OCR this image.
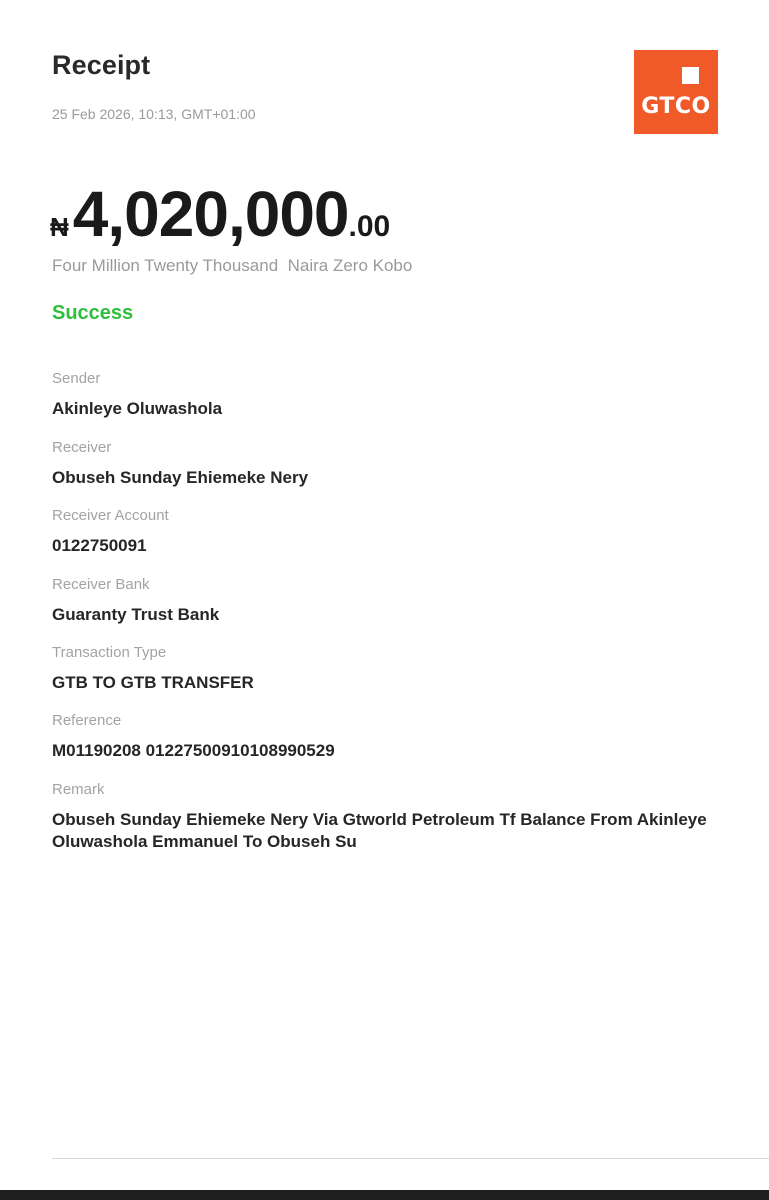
Receipt
25 Feb 2026, 10:13, GMT+01:00	GTCO
₦4,020,000.00
Four Million Twenty Thousand  Naira Zero Kobo
Success
Sender
Akinleye Oluwashola
Receiver
Obuseh Sunday Ehiemeke Nery
Receiver Account
0122750091
Receiver Bank
Guaranty Trust Bank
Transaction Type
GTB TO GTB TRANSFER
Reference
M01190208 01227500910108990529
Remark
Obuseh Sunday Ehiemeke Nery Via Gtworld Petroleum Tf Balance From Akinleye Oluwashola Emmanuel To Obuseh Su
